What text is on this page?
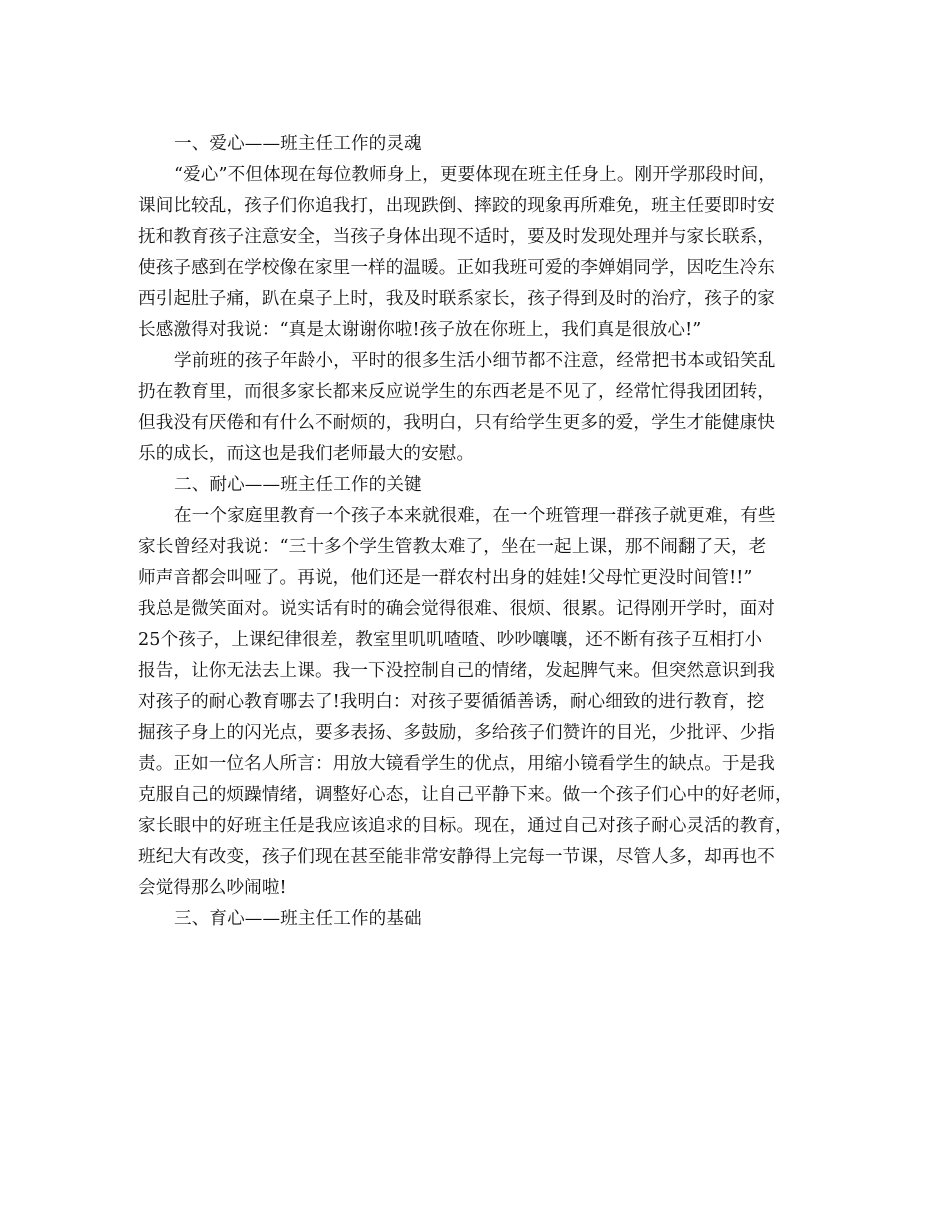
一、爱心——班主任工作的灵魂
“爱心”不但体现在每位教师身上，更要体现在班主任身上。刚开学那段时间，
课间比较乱，孩子们你追我打，出现跌倒、摔跤的现象再所难免，班主任要即时安
抚和教育孩子注意安全，当孩子身体出现不适时，要及时发现处理并与家长联系，
使孩子感到在学校像在家里一样的温暖。正如我班可爱的李婵娟同学，因吃生冷东
西引起肚子痛，趴在桌子上时，我及时联系家长，孩子得到及时的治疗，孩子的家
长感激得对我说：“真是太谢谢你啦!孩子放在你班上，我们真是很放心!”
学前班的孩子年龄小，平时的很多生活小细节都不注意，经常把书本或铅笑乱
扔在教育里，而很多家长都来反应说学生的东西老是不见了，经常忙得我团团转，
但我没有厌倦和有什么不耐烦的，我明白，只有给学生更多的爱，学生才能健康快
乐的成长，而这也是我们老师最大的安慰。
二、耐心——班主任工作的关键
在一个家庭里教育一个孩子本来就很难，在一个班管理一群孩子就更难，有些
家长曾经对我说：“三十多个学生管教太难了，坐在一起上课，那不闹翻了天，老
师声音都会叫哑了。再说，他们还是一群农村出身的娃娃!父母忙更没时间管!!”
我总是微笑面对。说实话有时的确会觉得很难、很烦、很累。记得刚开学时，面对
25个孩子，上课纪律很差，教室里叽叽喳喳、吵吵嚷嚷，还不断有孩子互相打小
报告，让你无法去上课。我一下没控制自己的情绪，发起脾气来。但突然意识到我
对孩子的耐心教育哪去了!我明白：对孩子要循循善诱，耐心细致的进行教育，挖
掘孩子身上的闪光点，要多表扬、多鼓励，多给孩子们赞许的目光，少批评、少指
责。正如一位名人所言：用放大镜看学生的优点，用缩小镜看学生的缺点。于是我
克服自己的烦躁情绪，调整好心态，让自己平静下来。做一个孩子们心中的好老师，
家长眼中的好班主任是我应该追求的目标。现在，通过自己对孩子耐心灵活的教育，
班纪大有改变，孩子们现在甚至能非常安静得上完每一节课，尽管人多，却再也不
会觉得那么吵闹啦!
三、育心——班主任工作的基础
